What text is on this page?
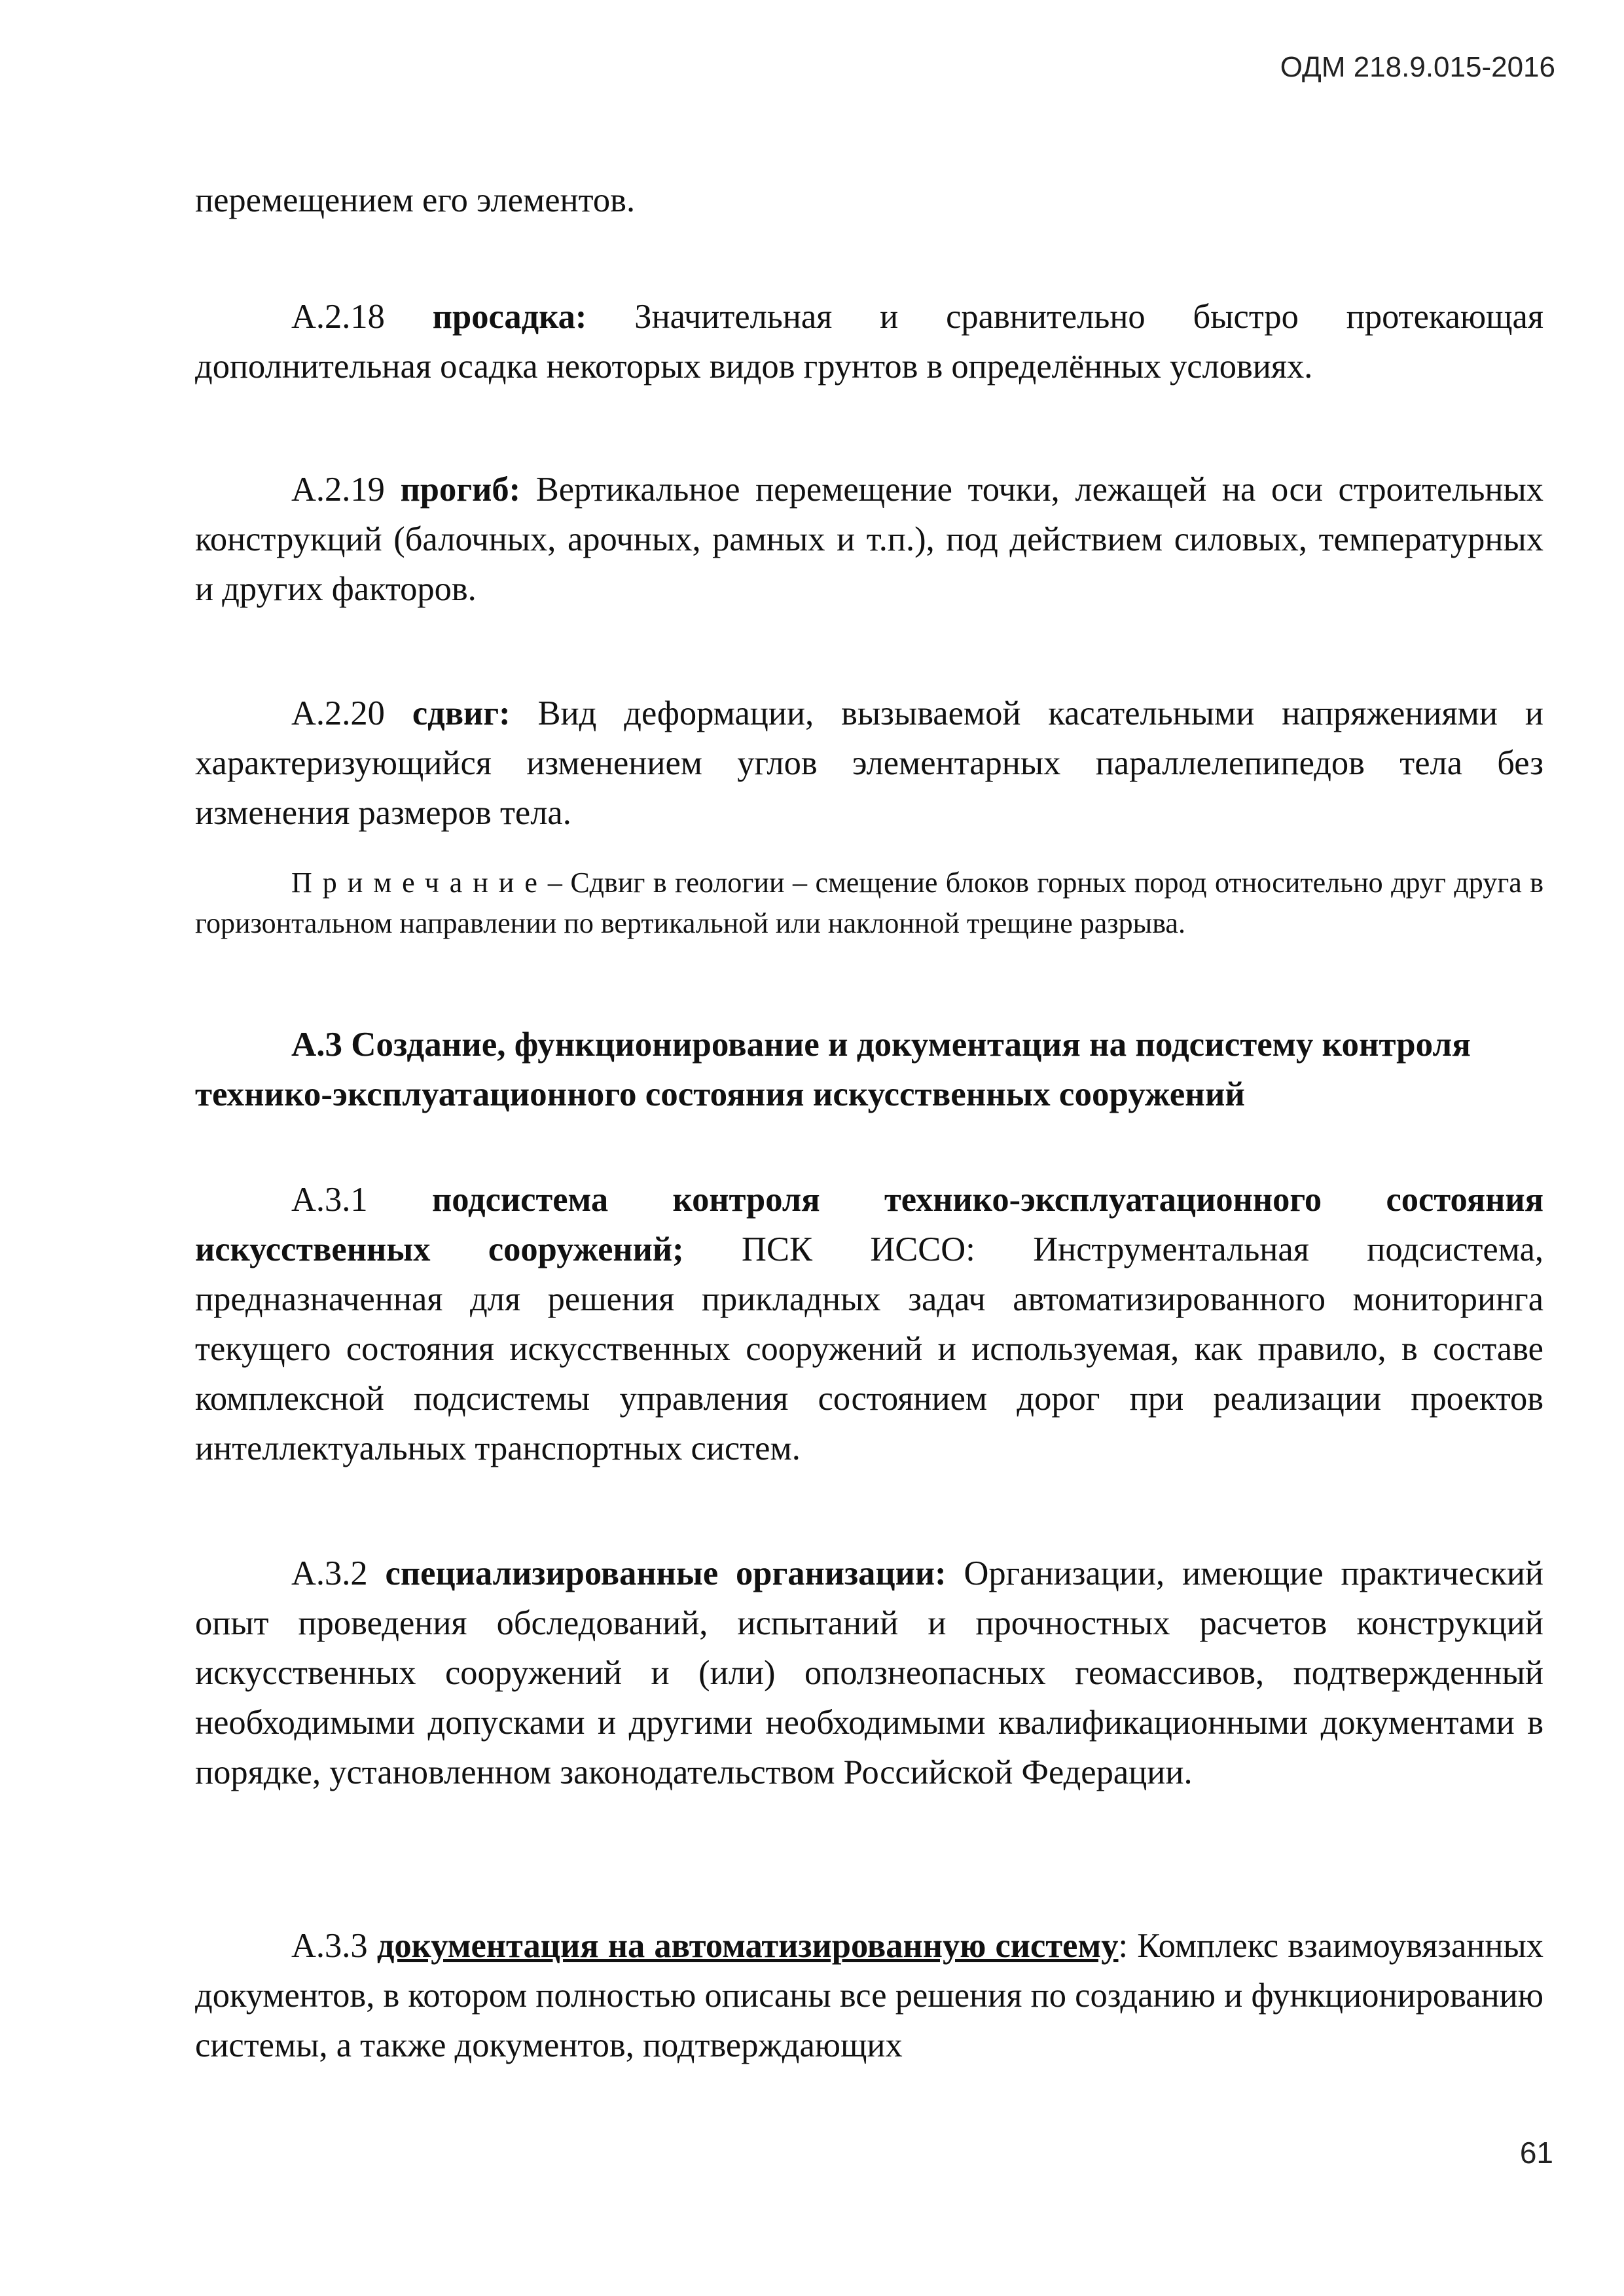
ОДМ 218.9.015-2016

перемещением его элементов.

А.2.18 просадка: Значительная и сравнительно быстро протекающая дополнительная осадка некоторых видов грунтов в определённых условиях.

А.2.19 прогиб: Вертикальное перемещение точки, лежащей на оси строительных конструкций (балочных, арочных, рамных и т.п.), под действием силовых, температурных и других факторов.

А.2.20 сдвиг: Вид деформации, вызываемой касательными напряжениями и характеризующийся изменением углов элементарных параллелепипедов тела без изменения размеров тела.

Примечание– Сдвиг в геологии – смещение блоков горных пород относительно друг друга в горизонтальном направлении по вертикальной или наклонной трещине разрыва.

А.3 Создание, функционирование и документация на подсистему контроля технико-эксплуатационного состояния искусственных сооружений

А.3.1 подсистема контроля технико-эксплуатационного состояния искусственных сооружений; ПСК ИССО: Инструментальная подсистема, предназначенная для решения прикладных задач автоматизированного мониторинга текущего состояния искусственных сооружений и используемая, как правило, в составе комплексной подсистемы управления состоянием дорог при реализации проектов интеллектуальных транспортных систем.

А.3.2 специализированные организации: Организации, имеющие практический опыт проведения обследований, испытаний и прочностных расчетов конструкций искусственных сооружений и (или) оползнеопасных геомассивов, подтвержденный необходимыми допусками и другими необходимыми квалификационными документами в порядке, установленном законодательством Российской Федерации.

А.3.3 документация на автоматизированную систему: Комплекс взаимоувязанных документов, в котором полностью описаны все решения по созданию и функционированию системы, а также документов, подтверждающих

61
